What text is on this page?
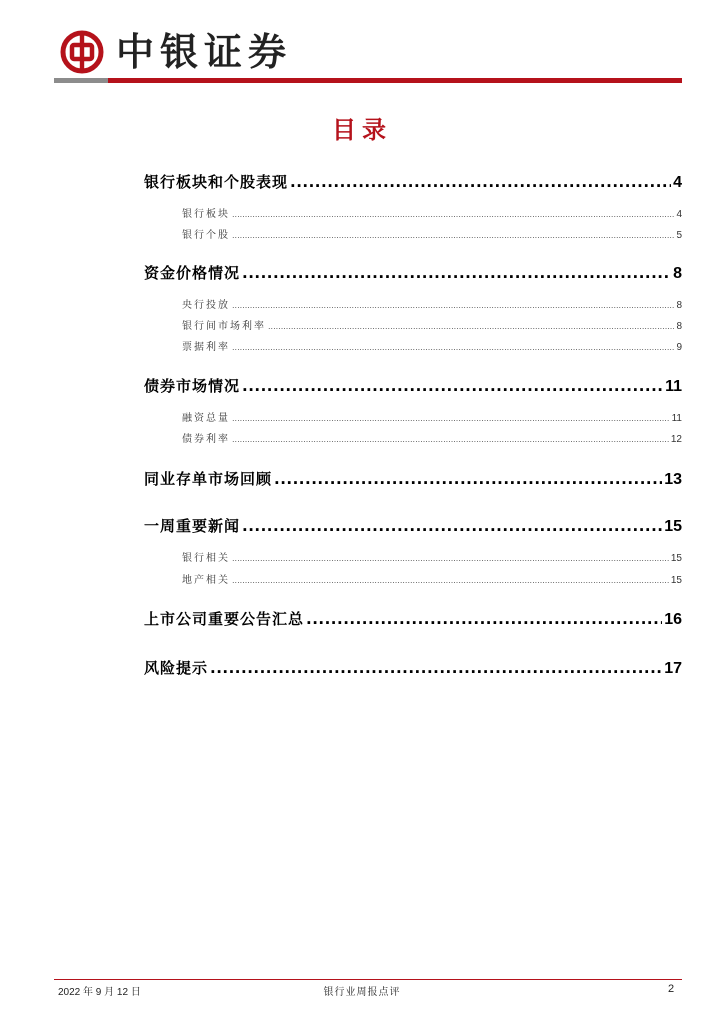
中银证券
目录
银行板块和个股表现 .....	4
银行板块 .....	4
银行个股 .....	5
资金价格情况 .....	8
央行投放 .....	8
银行间市场利率 .....	8
票据利率 .....	9
债券市场情况 .....	11
融资总量 .....	11
债券利率 .....	12
同业存单市场回顾 .....	13
一周重要新闻 .....	15
银行相关 .....	15
地产相关 .....	15
上市公司重要公告汇总 .....	16
风险提示 .....	17
2022 年 9 月 12 日	银行业周报点评	2
